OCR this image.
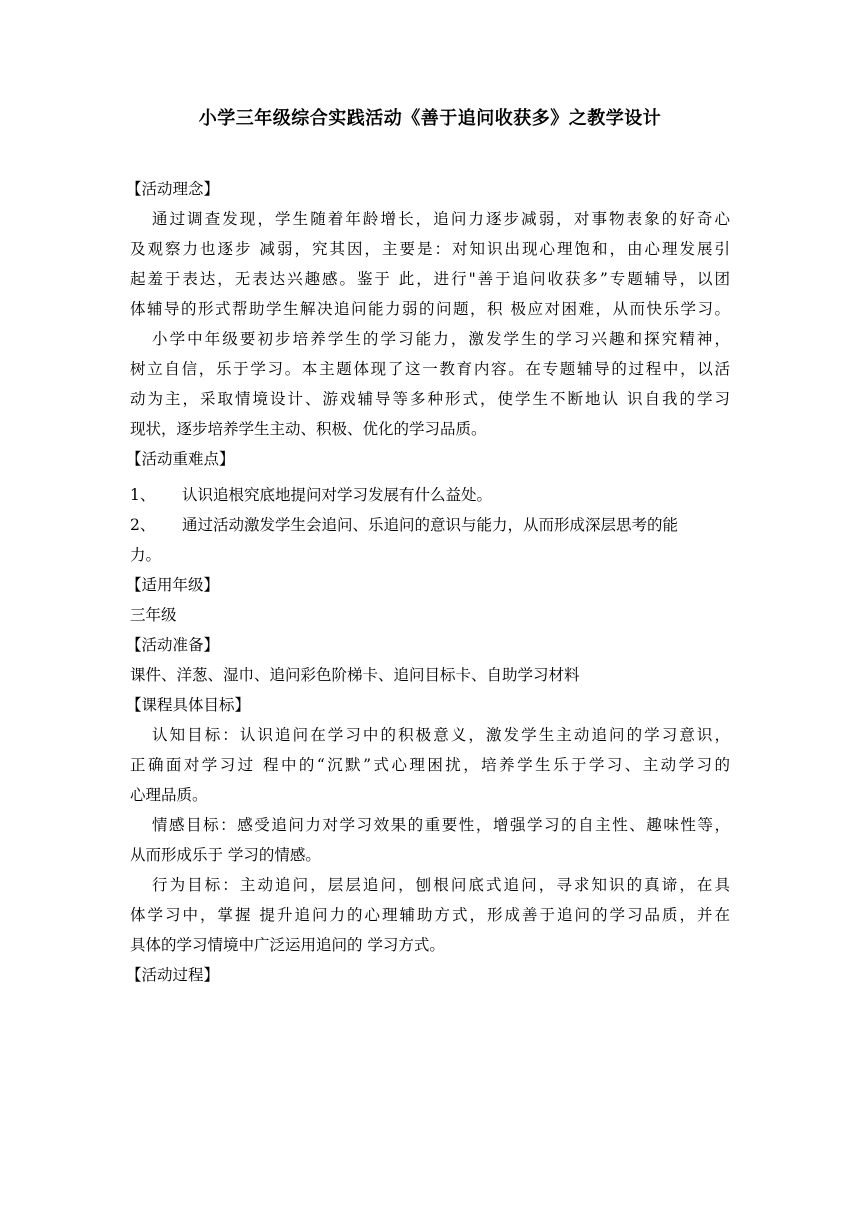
小学三年级综合实践活动《善于追问收获多》之教学设计
【活动理念】
通过调查发现，学生随着年龄增长，追问力逐步减弱，对事物表象的好奇心
及观察力也逐步 减弱，究其因，主要是：对知识出现心理饱和，由心理发展引
起羞于表达，无表达兴趣感。鉴于 此，进行"善于追问收获多”专题辅导，以团
体辅导的形式帮助学生解决追问能力弱的问题，积 极应对困难，从而快乐学习。
小学中年级要初步培养学生的学习能力，激发学生的学习兴趣和探究精神，
树立自信，乐于学习。本主题体现了这一教育内容。在专题辅导的过程中，以活
动为主，采取情境设计、游戏辅导等多种形式，使学生不断地认 识自我的学习
现状，逐步培养学生主动、积极、优化的学习品质。
【活动重难点】
1、 认识追根究底地提问对学习发展有什么益处。
2、 通过活动激发学生会追问、乐追问的意识与能力，从而形成深层思考的能
力。
【适用年级】
三年级
【活动准备】
课件、洋葱、湿巾、追问彩色阶梯卡、追问目标卡、自助学习材料
【课程具体目标】
认知目标：认识追问在学习中的积极意义，激发学生主动追问的学习意识，
正确面对学习过 程中的“沉默”式心理困扰，培养学生乐于学习、主动学习的
心理品质。
情感目标：感受追问力对学习效果的重要性，增强学习的自主性、趣味性等，
从而形成乐于 学习的情感。
行为目标：主动追问，层层追问，刨根问底式追问，寻求知识的真谛，在具
体学习中，掌握 提升追问力的心理辅助方式，形成善于追问的学习品质，并在
具体的学习情境中广泛运用追问的 学习方式。
【活动过程】
